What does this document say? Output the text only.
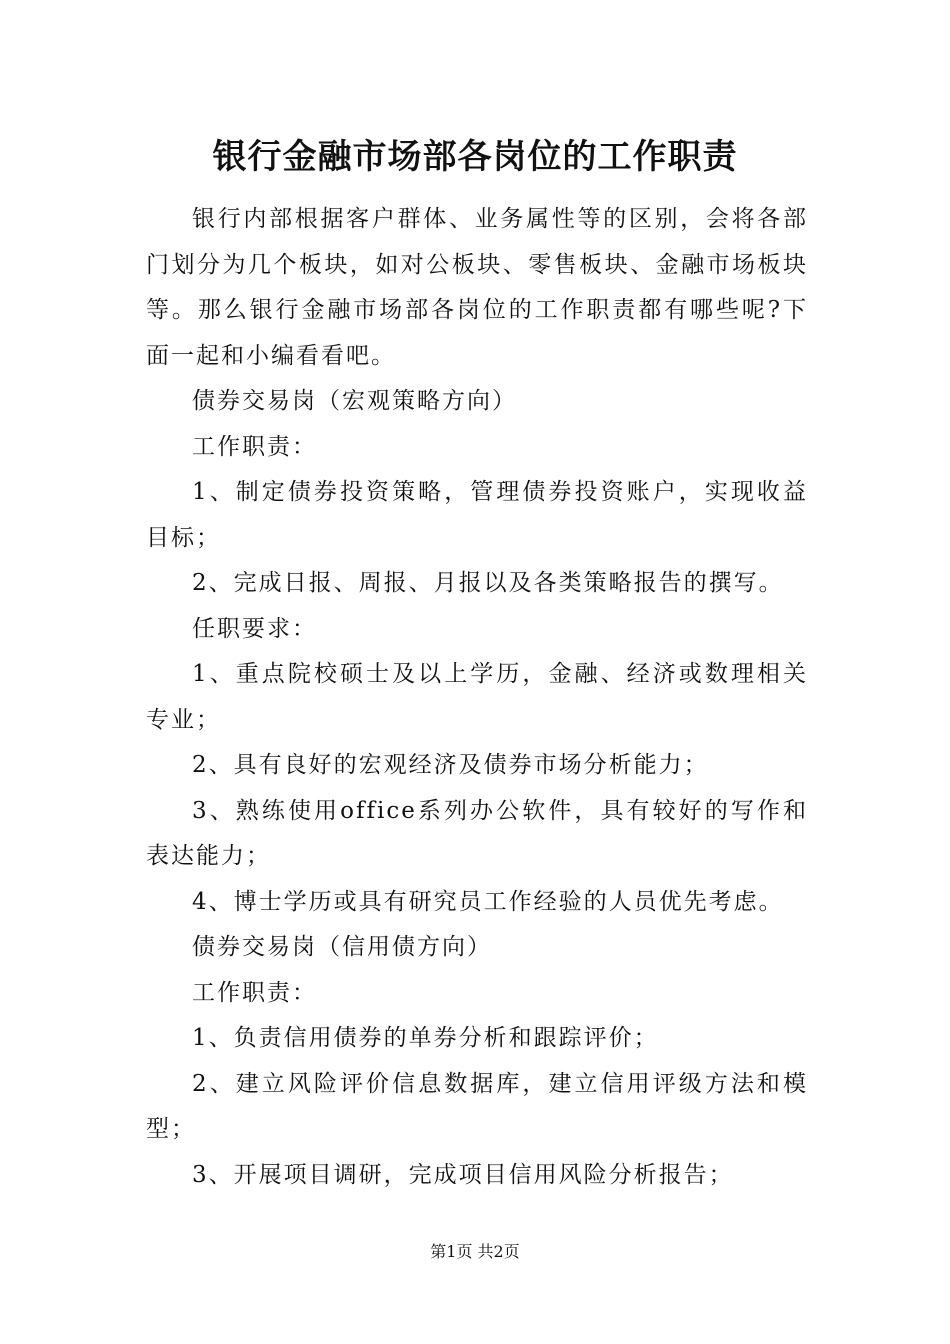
银行金融市场部各岗位的工作职责

银行内部根据客户群体、业务属性等的区别，会将各部门划分为几个板块，如对公板块、零售板块、金融市场板块等。那么银行金融市场部各岗位的工作职责都有哪些呢?下面一起和小编看看吧。

债券交易岗（宏观策略方向）

工作职责：

1、制定债券投资策略，管理债券投资账户，实现收益目标；

2、完成日报、周报、月报以及各类策略报告的撰写。

任职要求：

1、重点院校硕士及以上学历，金融、经济或数理相关专业；

2、具有良好的宏观经济及债券市场分析能力；

3、熟练使用office系列办公软件，具有较好的写作和表达能力；

4、博士学历或具有研究员工作经验的人员优先考虑。

债券交易岗（信用债方向）

工作职责：

1、负责信用债券的单券分析和跟踪评价；

2、建立风险评价信息数据库，建立信用评级方法和模型；

3、开展项目调研，完成项目信用风险分析报告；

第1页 共2页
